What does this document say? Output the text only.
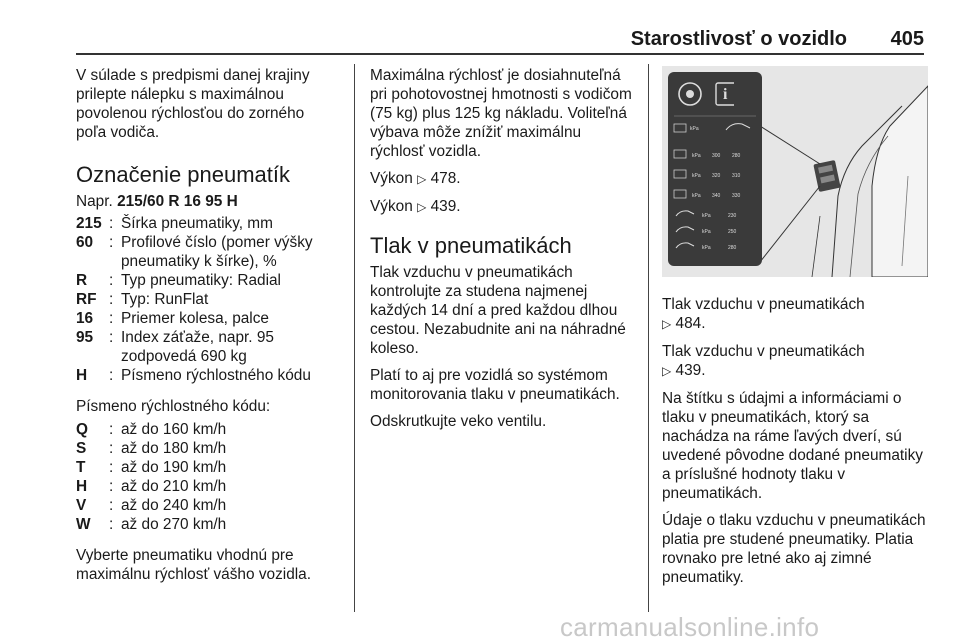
Starostlivosť o vozidlo 405

V súlade s predpismi danej krajiny prilepte nálepku s maximálnou povolenou rýchlosťou do zorného poľa vodiča.

Označenie pneumatík

Napr. 215/60 R 16 95 H

215 : Šírka pneumatiky, mm
60	: Profilové číslo (pomer výšky pneumatiky k šírke), %
R	: Typ pneumatiky: Radial
RF : Typ: RunFlat
16	: Priemer kolesa, palce
95	: Index záťaže, napr. 95 zodpovedá 690 kg
H	: Písmeno rýchlostného kódu

Písmeno rýchlostného kódu:

Q	: až do 160 km/h
S	: až do 180 km/h
T	: až do 190 km/h
H	: až do 210 km/h
V	: až do 240 km/h
W	: až do 270 km/h

Vyberte pneumatiku vhodnú pre maximálnu rýchlosť vášho vozidla.

Maximálna rýchlosť je dosiahnuteľná pri pohotovostnej hmotnosti s vodičom (75 kg) plus 125 kg nákladu. Voliteľná výbava môže znížiť maximálnu rýchlosť vozidla.

Výkon ▷ 478.

Výkon ▷ 439.

Tlak v pneumatikách

Tlak vzduchu v pneumatikách kontrolujte za studena najmenej každých 14 dní a pred každou dlhou cestou. Nezabudnite ani na náhradné koleso.

Platí to aj pre vozidlá so systémom monitorovania tlaku v pneumatikách.

Odskrutkujte veko ventilu.

i
kPa
kPa 300 280
kPa 320 310
kPa 340 330
kPa	230
kPa	250
kPa	280

Tlak vzduchu v pneumatikách
▷ 484.

Tlak vzduchu v pneumatikách
▷ 439.

Na štítku s údajmi a informáciami o tlaku v pneumatikách, ktorý sa nachádza na ráme ľavých dverí, sú uvedené pôvodne dodané pneumatiky a príslušné hodnoty tlaku v pneumatikách.

Údaje o tlaku vzduchu v pneumatikách platia pre studené pneumatiky. Platia rovnako pre letné ako aj zimné pneumatiky.

carmanualsonline.info
